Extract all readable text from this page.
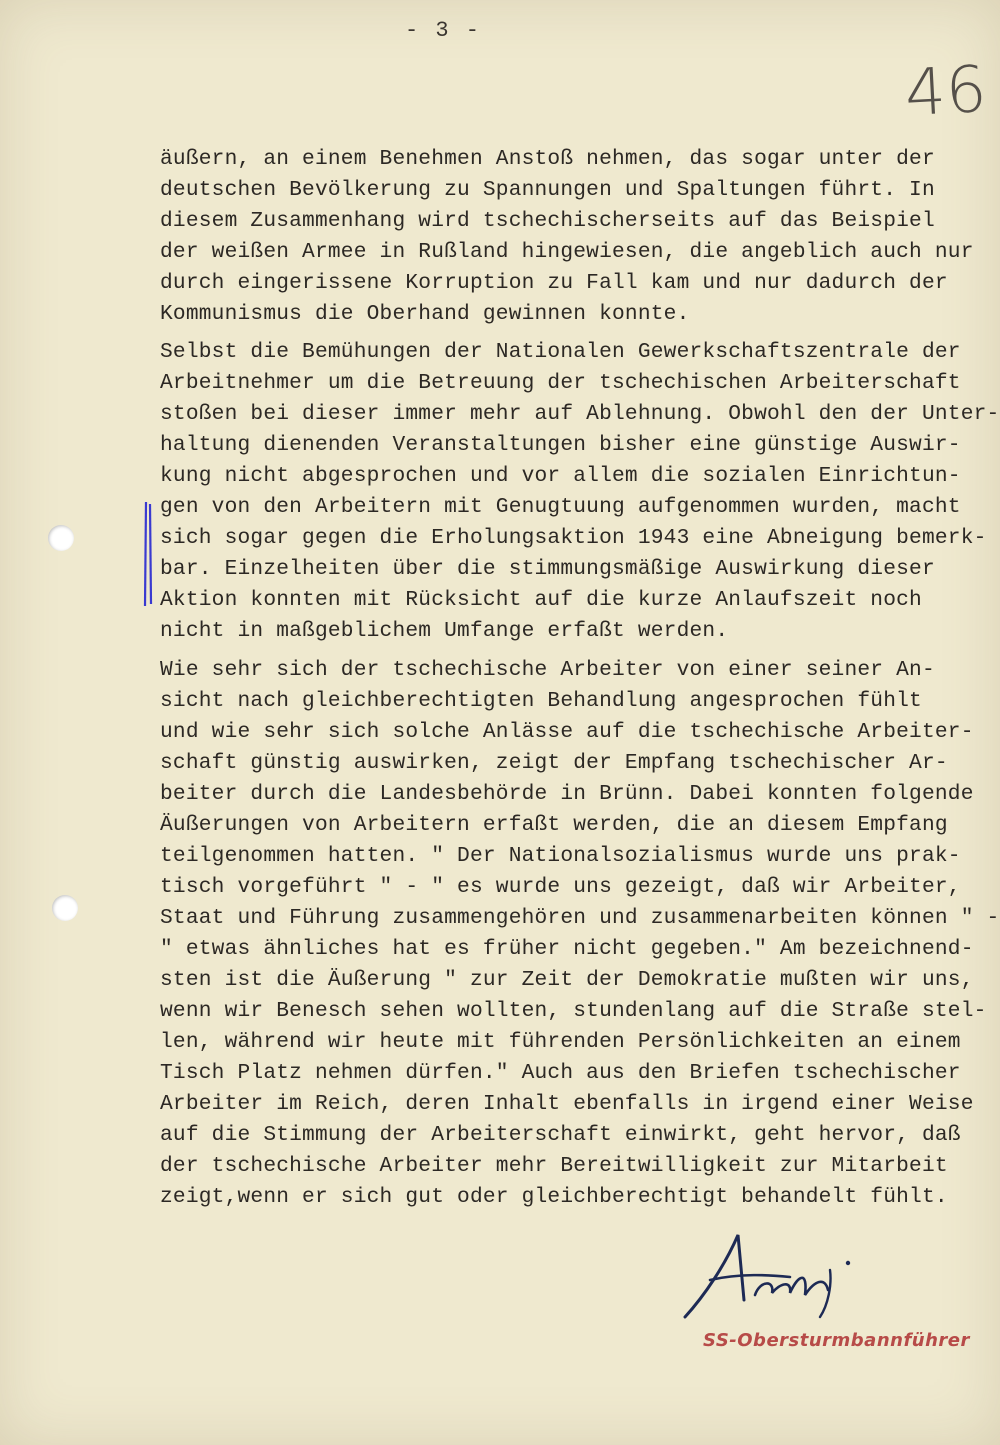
- 3 -
46
äußern, an einem Benehmen Anstoß nehmen, das sogar unter der
deutschen Bevölkerung zu Spannungen und Spaltungen führt. In
diesem Zusammenhang wird tschechischerseits auf das Beispiel
der weißen Armee in Rußland hingewiesen, die angeblich auch nur
durch eingerissene Korruption zu Fall kam und nur dadurch der
Kommunismus die Oberhand gewinnen konnte.
Selbst die Bemühungen der Nationalen Gewerkschaftszentrale der
Arbeitnehmer um die Betreuung der tschechischen Arbeiterschaft
stoßen bei dieser immer mehr auf Ablehnung. Obwohl den der Unter-
haltung dienenden Veranstaltungen bisher eine günstige Auswir-
kung nicht abgesprochen und vor allem die sozialen Einrichtun-
gen von den Arbeitern mit Genugtuung aufgenommen wurden, macht
sich sogar gegen die Erholungsaktion 1943 eine Abneigung bemerk-
bar. Einzelheiten über die stimmungsmäßige Auswirkung dieser
Aktion konnten mit Rücksicht auf die kurze Anlaufszeit noch
nicht in maßgeblichem Umfange erfaßt werden.
Wie sehr sich der tschechische Arbeiter von einer seiner An-
sicht nach gleichberechtigten Behandlung angesprochen fühlt
und wie sehr sich solche Anlässe auf die tschechische Arbeiter-
schaft günstig auswirken, zeigt der Empfang tschechischer Ar-
beiter durch die Landesbehörde in Brünn. Dabei konnten folgende
Äußerungen von Arbeitern erfaßt werden, die an diesem Empfang
teilgenommen hatten. " Der Nationalsozialismus wurde uns prak-
tisch vorgeführt " - " es wurde uns gezeigt, daß wir Arbeiter,
Staat und Führung zusammengehören und zusammenarbeiten können " -
" etwas ähnliches hat es früher nicht gegeben." Am bezeichnend-
sten ist die Äußerung " zur Zeit der Demokratie mußten wir uns,
wenn wir Benesch sehen wollten, stundenlang auf die Straße stel-
len, während wir heute mit führenden Persönlichkeiten an einem
Tisch Platz nehmen dürfen." Auch aus den Briefen tschechischer
Arbeiter im Reich, deren Inhalt ebenfalls in irgend einer Weise
auf die Stimmung der Arbeiterschaft einwirkt, geht hervor, daß
der tschechische Arbeiter mehr Bereitwilligkeit zur Mitarbeit
zeigt,wenn er sich gut oder gleichberechtigt behandelt fühlt.
SS-Obersturmbannführer
